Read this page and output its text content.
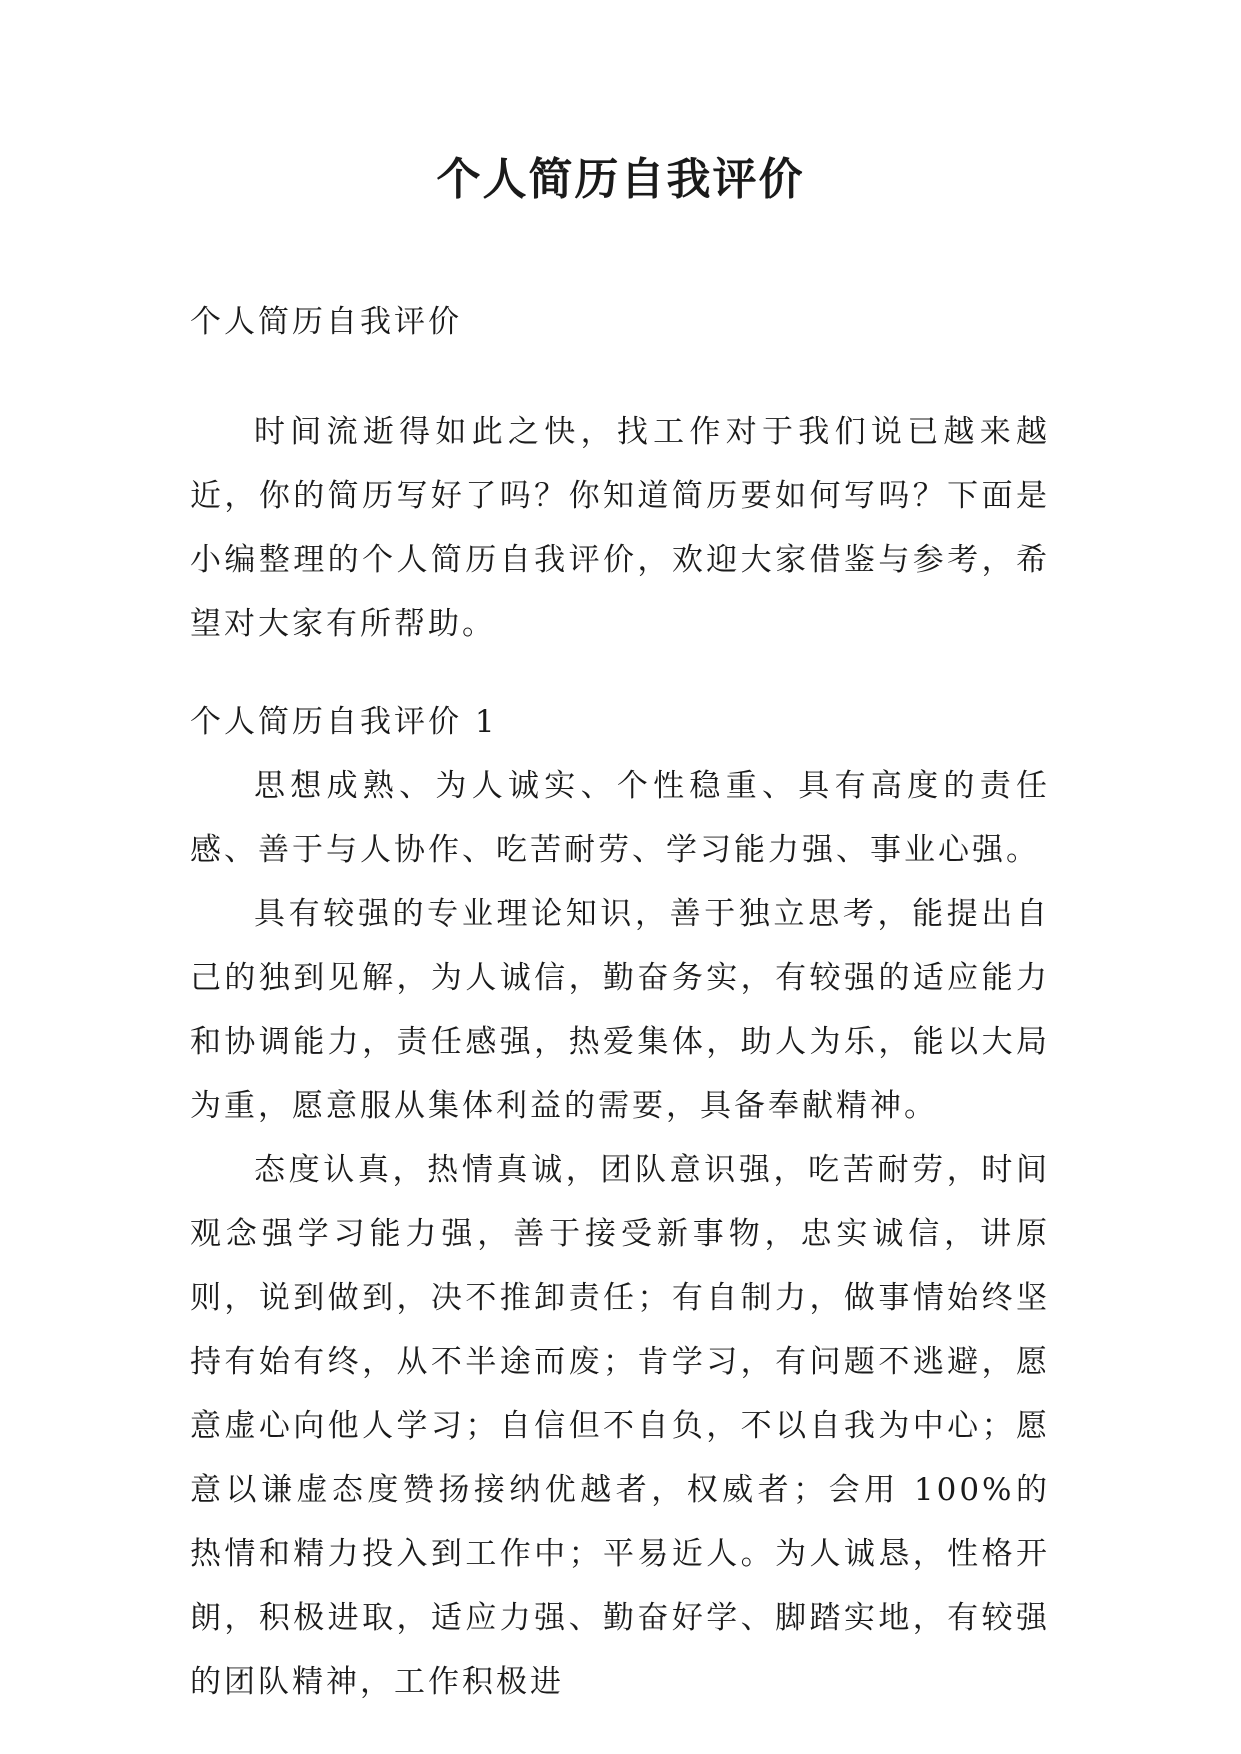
个人简历自我评价

个人简历自我评价

时间流逝得如此之快，找工作对于我们说已越来越近，你的简历写好了吗？你知道简历要如何写吗？下面是小编整理的个人简历自我评价，欢迎大家借鉴与参考，希望对大家有所帮助。

个人简历自我评价 1

思想成熟、为人诚实、个性稳重、具有高度的责任感、善于与人协作、吃苦耐劳、学习能力强、事业心强。

具有较强的专业理论知识，善于独立思考，能提出自己的独到见解，为人诚信，勤奋务实，有较强的适应能力和协调能力，责任感强，热爱集体，助人为乐，能以大局为重，愿意服从集体利益的需要，具备奉献精神。

态度认真，热情真诚，团队意识强，吃苦耐劳，时间观念强学习能力强，善于接受新事物，忠实诚信，讲原则，说到做到，决不推卸责任；有自制力，做事情始终坚持有始有终，从不半途而废；肯学习，有问题不逃避，愿意虚心向他人学习；自信但不自负，不以自我为中心；愿意以谦虚态度赞扬接纳优越者，权威者；会用 100%的热情和精力投入到工作中；平易近人。为人诚恳，性格开朗，积极进取，适应力强、勤奋好学、脚踏实地，有较强的团队精神，工作积极进
